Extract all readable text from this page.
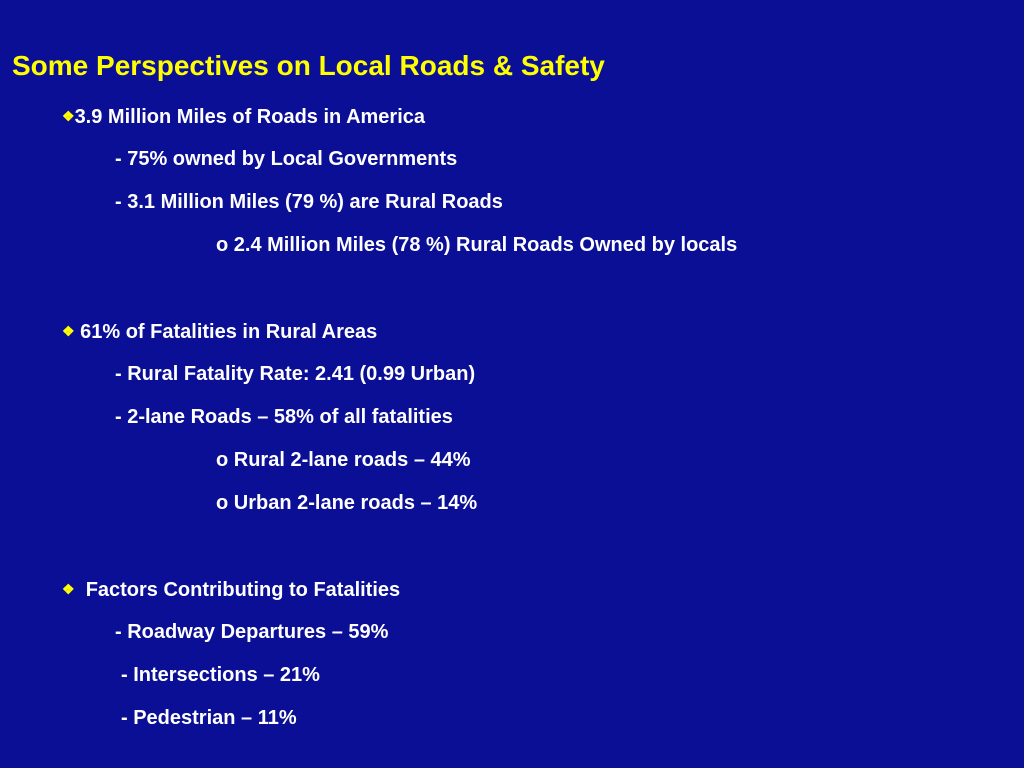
Some Perspectives on Local Roads & Safety
❖3.9 Million Miles of Roads in America
- 75% owned by Local Governments
- 3.1 Million Miles (79 %) are Rural Roads
o 2.4 Million Miles (78 %) Rural Roads Owned by locals
❖ 61% of Fatalities in Rural Areas
- Rural Fatality Rate: 2.41 (0.99 Urban)
- 2-lane Roads – 58% of all fatalities
o Rural 2-lane roads – 44%
o Urban 2-lane roads – 14%
❖ Factors Contributing to Fatalities
- Roadway Departures – 59%
- Intersections – 21%
- Pedestrian – 11%
